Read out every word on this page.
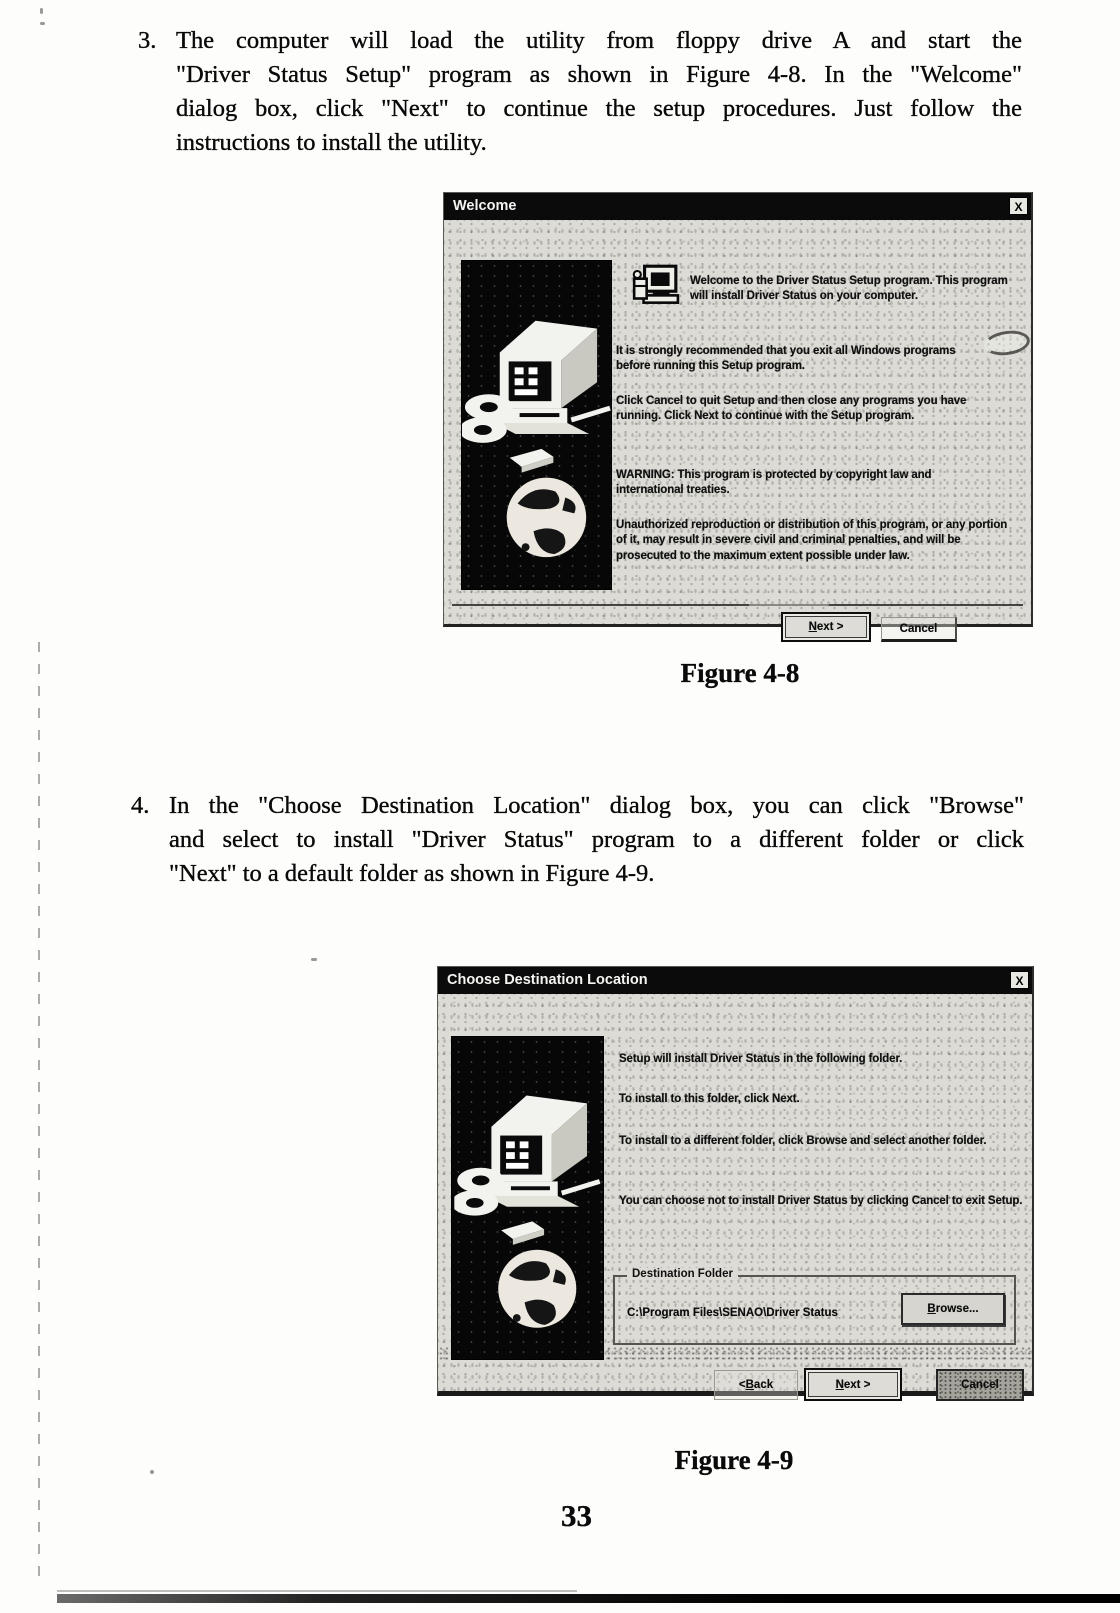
3. The computer will load the utility from floppy drive A and start the
"Driver Status Setup" program as shown in Figure 4-8. In the "Welcome"
dialog box, click "Next" to continue the setup procedures. Just follow the
instructions to install the utility.
Welcome	X

Welcome to the Driver Status Setup program. This program will install Driver Status on your computer.

It is strongly recommended that you exit all Windows programs before running this Setup program.

Click Cancel to quit Setup and then close any programs you have running. Click Next to continue with the Setup program.

WARNING: This program is protected by copyright law and international treaties.

Unauthorized reproduction or distribution of this program, or any portion of it, may result in severe civil and criminal penalties, and will be prosecuted to the maximum extent possible under law.

Next >	Cancel
Figure 4-8
4. In the "Choose Destination Location" dialog box, you can click "Browse"
and select to install "Driver Status" program to a different folder or click
"Next" to a default folder as shown in Figure 4-9.
Choose Destination Location	X

Setup will install Driver Status in the following folder.

To install to this folder, click Next.

To install to a different folder, click Browse and select another folder.

You can choose not to install Driver Status by clicking Cancel to exit Setup.

Destination Folder
C:\Program Files\SENAO\Driver Status	Browse...
< Back	Next >	Cancel
Figure 4-9
33
